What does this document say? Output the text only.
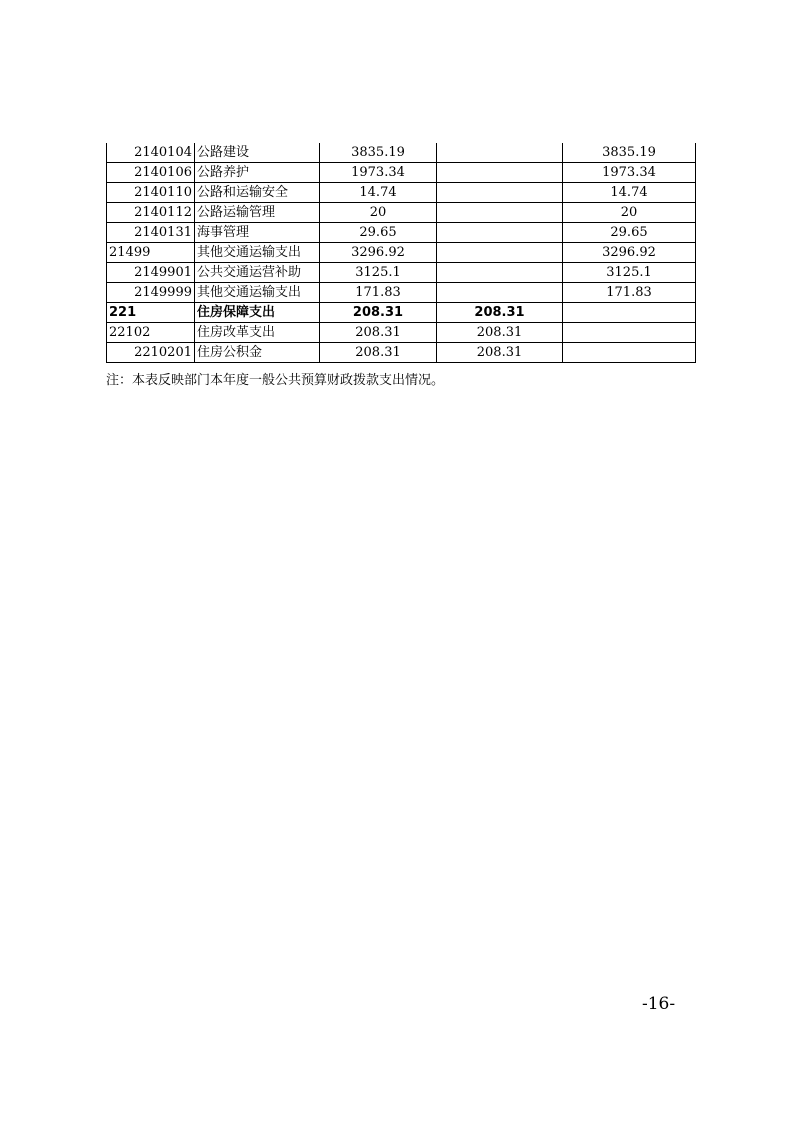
2140104	公路建设	3835.19		3835.19
2140106	公路养护	1973.34		1973.34
2140110	公路和运输安全	14.74		14.74
2140112	公路运输管理	20		20
2140131	海事管理	29.65		29.65
21499	其他交通运输支出	3296.92		3296.92
2149901	公共交通运营补助	3125.1		3125.1
2149999	其他交通运输支出	171.83		171.83
221	住房保障支出	208.31	208.31	
22102	住房改革支出	208.31	208.31	
2210201	住房公积金	208.31	208.31	
注：本表反映部门本年度一般公共预算财政拨款支出情况。
-16-
